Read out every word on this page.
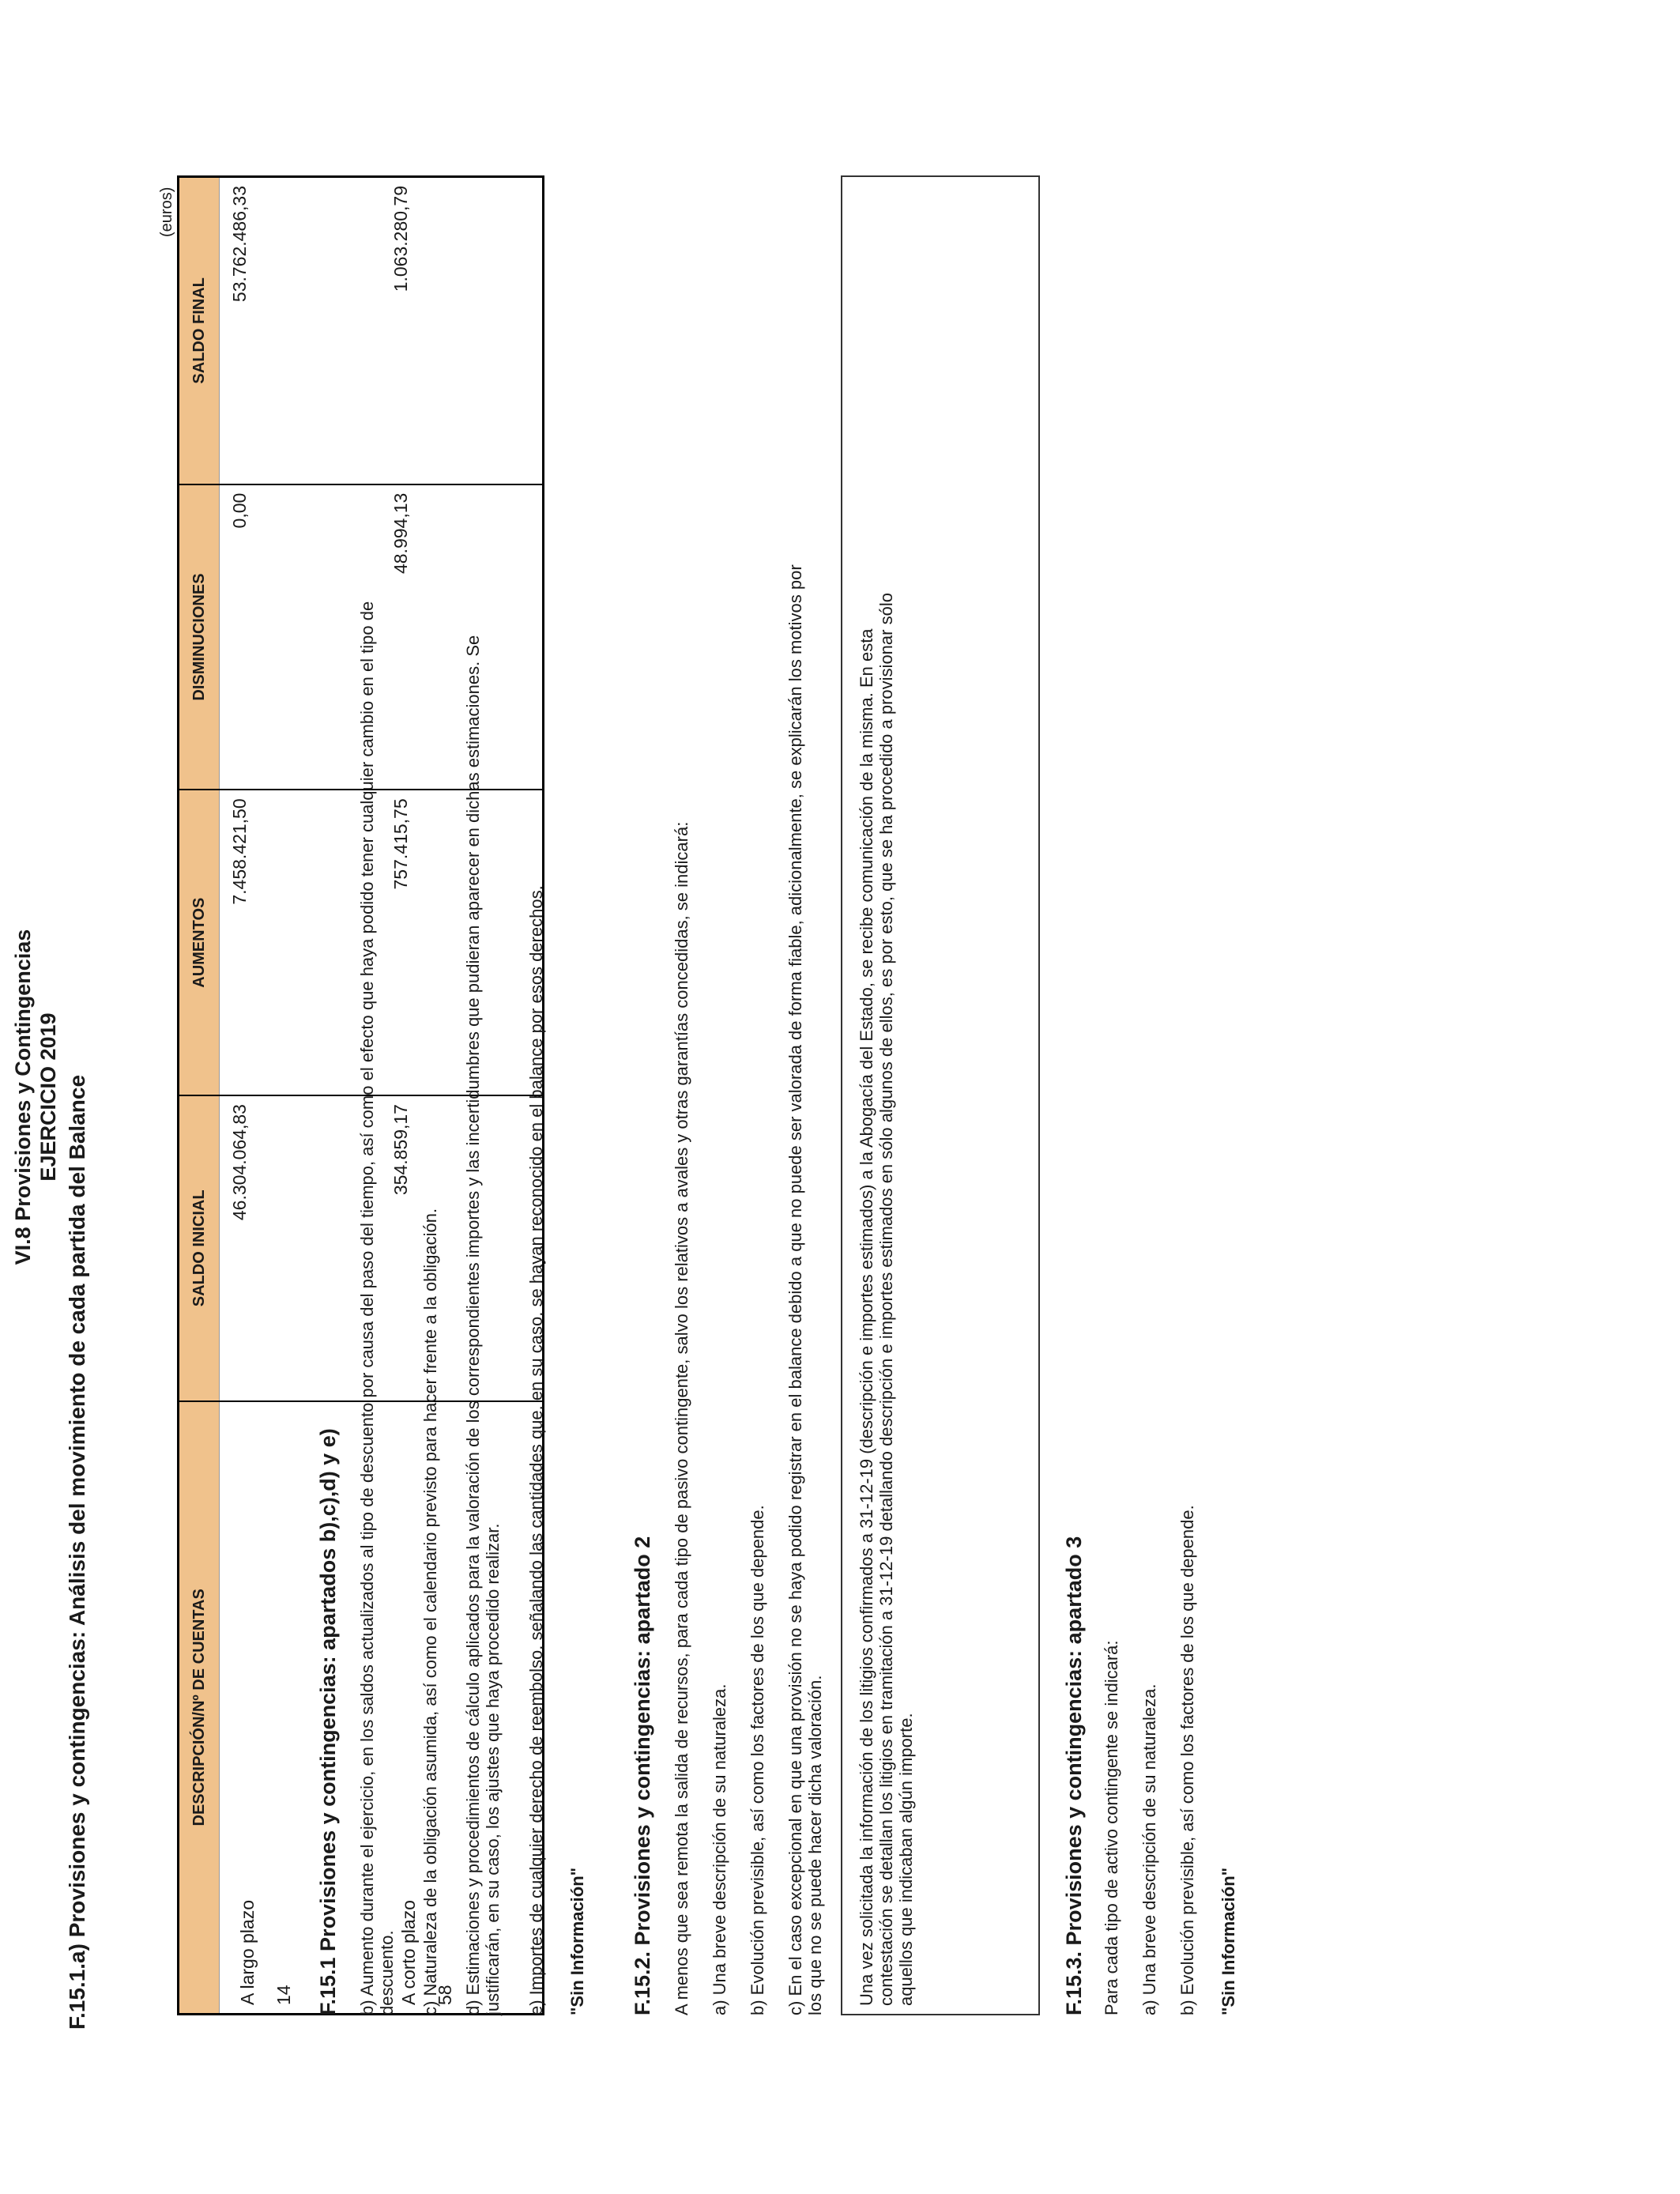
VI.8 Provisiones y Contingencias EJERCICIO 2019 F.15.1.a) Provisiones y contingencias: Análisis del movimiento de cada partida del Balance
(euros)
DESCRIPCIÓN/Nº DE CUENTAS	SALDO INICIAL	AUMENTOS	DISMINUCIONES	SALDO FINAL

A largo plazo 14	46.304.064,83	7.458.421,50	0,00	53.762.486,33

A corto plazo 58	354.859,17	757.415,75	48.994,13	1.063.280,79
F.15.1 Provisiones y contingencias: apartados b),c),d) y e) b) Aumento durante el ejercicio, en los saldos actualizados al tipo de descuento por causa del paso del tiempo, así como el efecto que haya podido tener cualquier cambio en el tipo de descuento. c) Naturaleza de la obligación asumida, así como el calendario previsto para hacer frente a la obligación. d) Estimaciones y procedimientos de cálculo aplicados para la valoración de los correspondientes importes y las incertidumbres que pudieran aparecer en dichas estimaciones. Se justificarán, en su caso, los ajustes que haya procedido realizar. e) Importes de cualquier derecho de reembolso, señalando las cantidades que, en su caso, se hayan reconocido en el balance por esos derechos. "Sin Información" F.15.2. Provisiones y contingencias: apartado 2 A menos que sea remota la salida de recursos, para cada tipo de pasivo contingente, salvo los relativos a avales y otras garantías concedidas, se indicará: a) Una breve descripción de su naturaleza. b) Evolución previsible, así como los factores de los que depende. c) En el caso excepcional en que una provisión no se haya podido registrar en el balance debido a que no puede ser valorada de forma fiable, adicionalmente, se explicarán los motivos por los que no se puede hacer dicha valoración. Una vez solicitada la información de los litigios confirmados a 31-12-19 (descripción e importes estimados) a la Abogacía del Estado, se recibe comunicación de la misma. En esta contestación se detallan los litigios en tramitación a 31-12-19 detallando descripción e importes estimados en sólo algunos de ellos, es por esto, que se ha procedido a provisionar sólo aquellos que indicaban algún importe.	F.15.3. Provisiones y contingencias: apartado 3 Para cada tipo de activo contingente se indicará: a) Una breve descripción de su naturaleza. b) Evolución previsible, así como los factores de los que depende. "Sin Información"
